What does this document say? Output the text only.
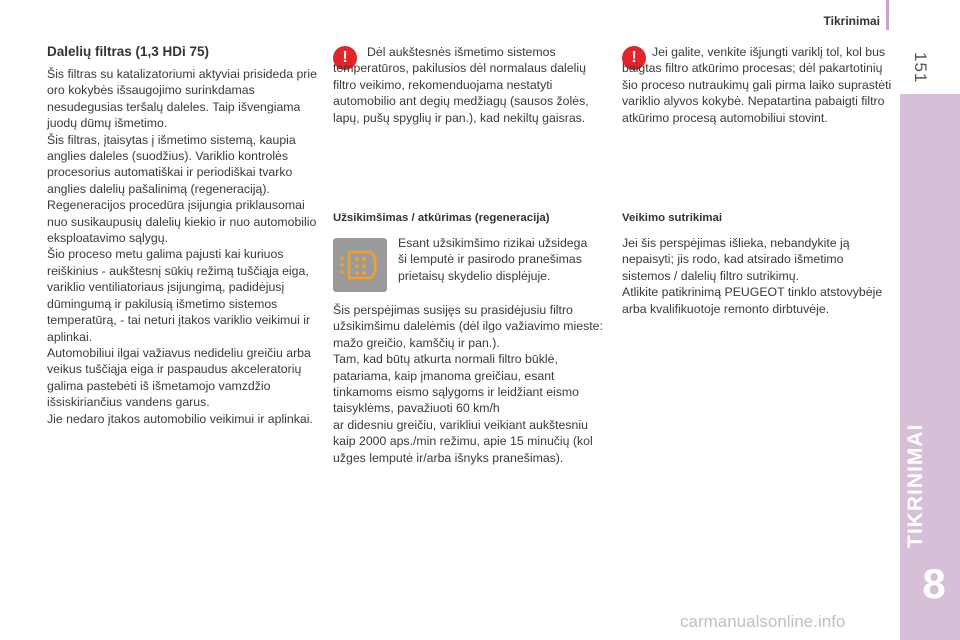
Tikrinimai
151
TIKRINIMAI
8
Dalelių filtras (1,3 HDi 75)
Šis filtras su katalizatoriumi aktyviai prisideda prie oro kokybės išsaugojimo surinkdamas nesudegusias teršalų daleles. Taip išvengiama juodų dūmų išmetimo.
Šis filtras, įtaisytas į išmetimo sistemą, kaupia anglies daleles (suodžius). Variklio kontrolės procesorius automatiškai ir periodiškai tvarko anglies dalelių pašalinimą (regeneraciją).
Regeneracijos procedūra įsijungia priklausomai nuo susikaupusių dalelių kiekio ir nuo automobilio eksploatavimo sąlygų.
Šio proceso metu galima pajusti kai kuriuos reiškinius - aukštesnį sūkių režimą tuščiąja eiga, variklio ventiliatoriaus įsijungimą, padidėjusį dūmingumą ir pakilusią išmetimo sistemos temperatūrą, - tai neturi įtakos variklio veikimui ir aplinkai.
Automobiliui ilgai važiavus nedideliu greičiu arba veikus tuščiąja eiga ir paspaudus akceleratorių galima pastebėti iš išmetamojo vamzdžio išsiskiriančius vandens garus.
Jie nedaro įtakos automobilio veikimui ir aplinkai.
!	Dėl aukštesnės išmetimo sistemos temperatūros, pakilusios dėl normalaus dalelių filtro veikimo, rekomenduojama nestatyti automobilio ant degių medžiagų (sausos žolės, lapų, pušų spyglių ir pan.), kad nekiltų gaisras.
Užsikimšimas / atkūrimas (regeneracija)
Esant užsikimšimo rizikai užsidega ši lemputė ir pasirodo pranešimas prietaisų skydelio displėjuje.
Šis perspėjimas susijęs su prasidėjusiu filtro užsikimšimu dalelėmis (dėl ilgo važiavimo mieste: mažo greičio, kamščių ir pan.).
Tam, kad būtų atkurta normali filtro būklė, patariama, kaip įmanoma greičiau, esant tinkamoms eismo sąlygoms ir leidžiant eismo taisyklėms, pavažiuoti 60 km/h
ar didesniu greičiu, varikliui veikiant aukštesniu kaip 2000 aps./min režimu, apie 15 minučių (kol užges lemputė ir/arba išnyks pranešimas).
!	Jei galite, venkite išjungti variklį tol, kol bus baigtas filtro atkūrimo procesas; dėl pakartotinių šio proceso nutraukimų gali pirma laiko suprastėti variklio alyvos kokybė. Nepatartina pabaigti filtro atkūrimo procesą automobiliui stovint.
Veikimo sutrikimai
Jei šis perspėjimas išlieka, nebandykite ją nepaisyti; jis rodo, kad atsirado išmetimo sistemos / dalelių filtro sutrikimų.
Atlikite patikrinimą PEUGEOT tinklo atstovybėje arba kvalifikuotoje remonto dirbtuvėje.
carmanualsonline.info
